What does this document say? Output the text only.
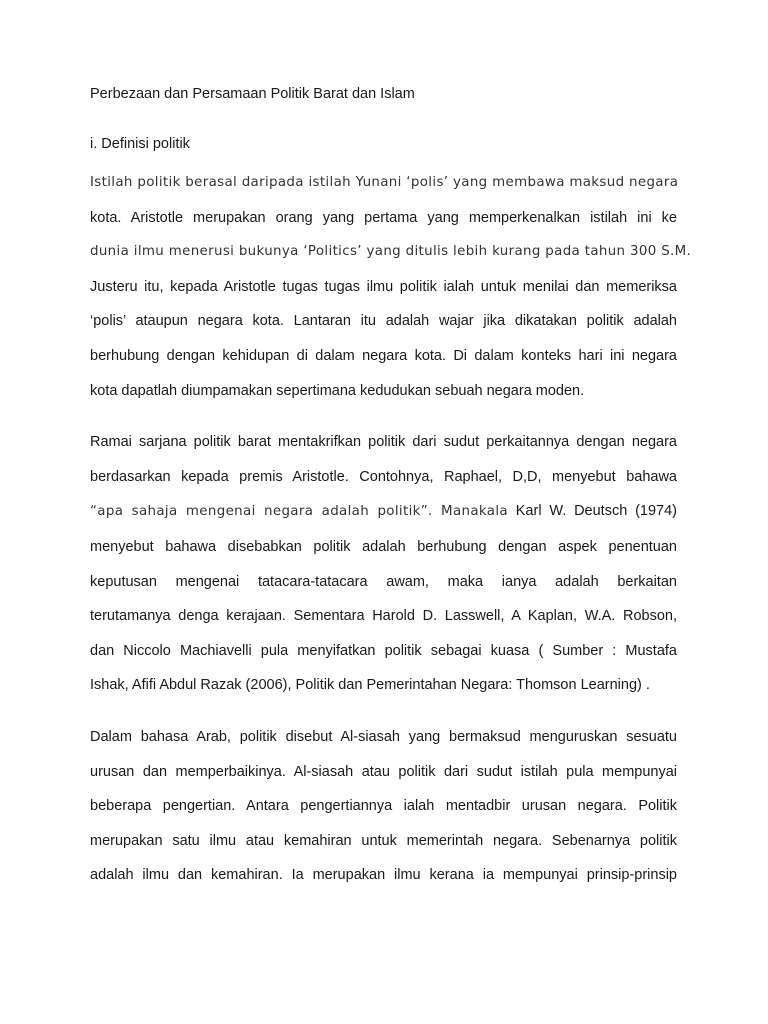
Perbezaan dan Persamaan Politik Barat dan Islam

i. Definisi politik

Istilah politik berasal daripada istilah Yunani ‘polis’ yang membawa maksud negara
kota. Aristotle merupakan orang yang pertama yang memperkenalkan istilah ini ke
dunia ilmu menerusi bukunya ‘Politics’ yang ditulis lebih kurang pada tahun 300 S.M.
Justeru itu, kepada Aristotle tugas tugas ilmu politik ialah untuk menilai dan memeriksa
‘polis’ ataupun negara kota. Lantaran itu adalah wajar jika dikatakan politik adalah
berhubung dengan kehidupan di dalam negara kota. Di dalam konteks hari ini negara
kota dapatlah diumpamakan sepertimana kedudukan sebuah negara moden.

Ramai sarjana politik barat mentakrifkan politik dari sudut perkaitannya dengan negara
berdasarkan kepada premis Aristotle. Contohnya, Raphael, D,D, menyebut bahawa
“apa sahaja mengenai negara adalah politik”. Manakala Karl W. Deutsch (1974)
menyebut bahawa disebabkan politik adalah berhubung dengan aspek penentuan
keputusan mengenai tatacara-tatacara awam, maka ianya adalah berkaitan
terutamanya denga kerajaan. Sementara Harold D. Lasswell, A Kaplan, W.A. Robson,
dan Niccolo Machiavelli pula menyifatkan politik sebagai kuasa ( Sumber : Mustafa
Ishak, Afifi Abdul Razak (2006), Politik dan Pemerintahan Negara: Thomson Learning) .

Dalam bahasa Arab, politik disebut Al-siasah yang bermaksud menguruskan sesuatu
urusan dan memperbaikinya. Al-siasah atau politik dari sudut istilah pula mempunyai
beberapa pengertian. Antara pengertiannya ialah mentadbir urusan negara. Politik
merupakan satu ilmu atau kemahiran untuk memerintah negara. Sebenarnya politik
adalah ilmu dan kemahiran. Ia merupakan ilmu kerana ia mempunyai prinsip-prinsip
